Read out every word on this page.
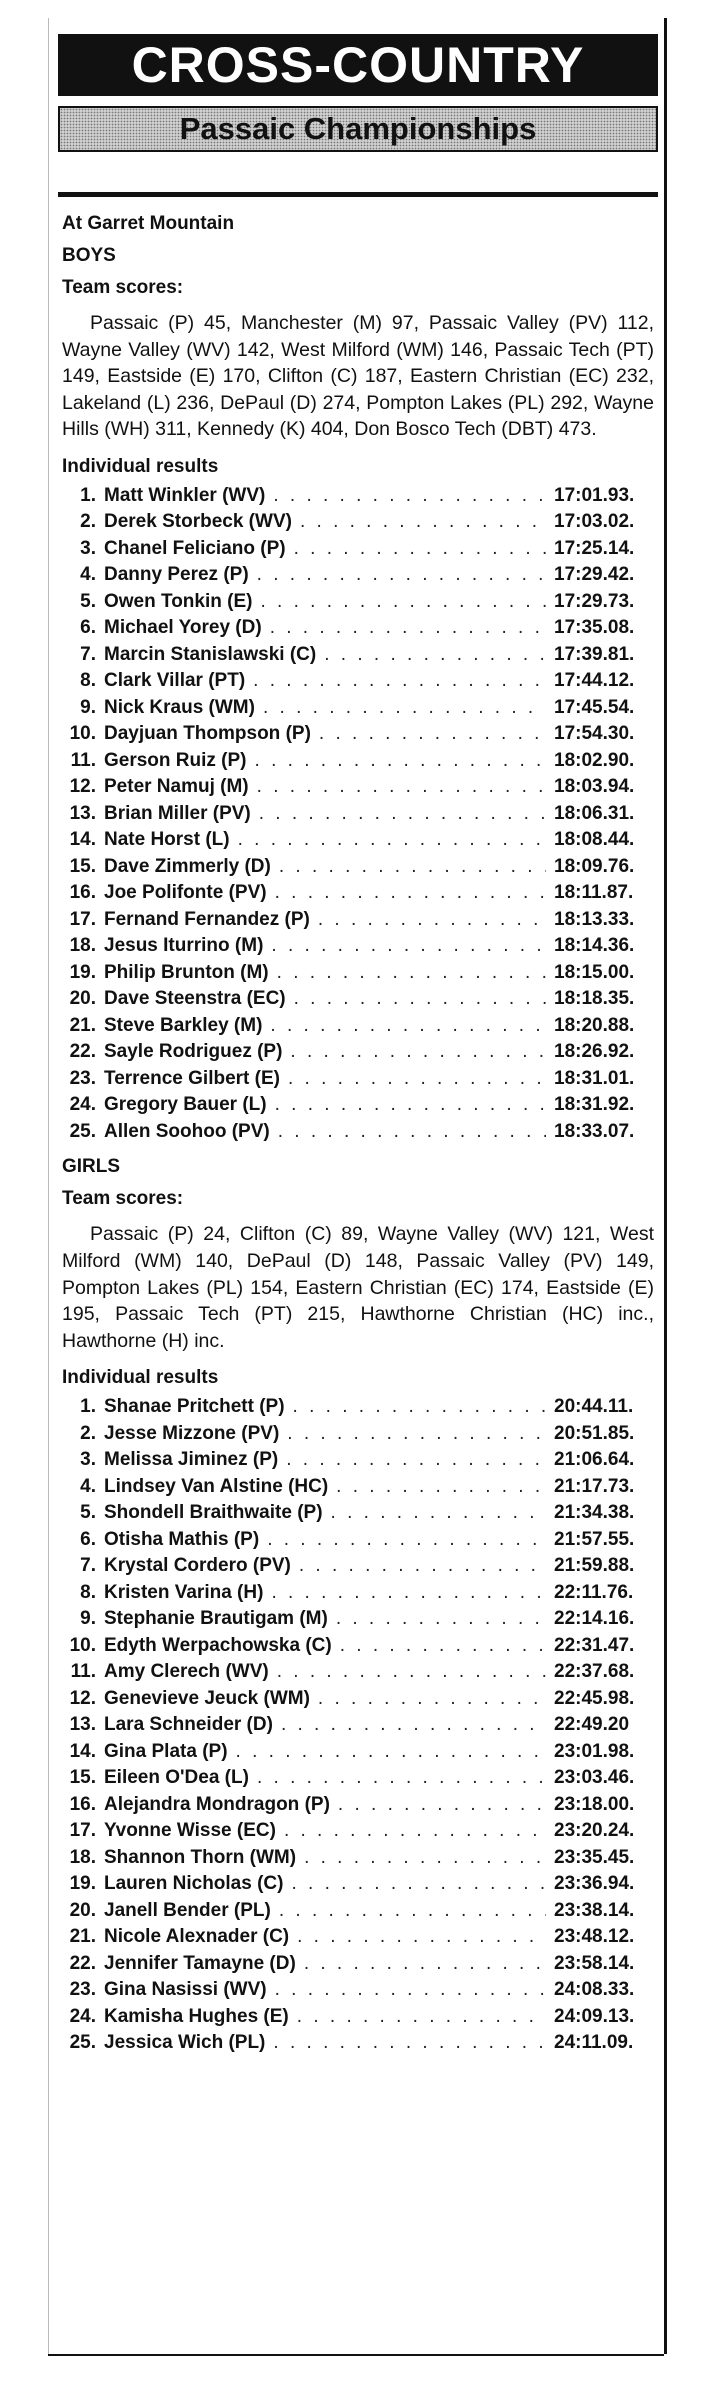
CROSS-COUNTRY
Passaic Championships
At Garret Mountain
BOYS
Team scores:
Passaic (P) 45, Manchester (M) 97, Passaic Valley (PV) 112, Wayne Valley (WV) 142, West Milford (WM) 146, Passaic Tech (PT) 149, Eastside (E) 170, Clifton (C) 187, Eastern Christian (EC) 232, Lakeland (L) 236, DePaul (D) 274, Pompton Lakes (PL) 292, Wayne Hills (WH) 311, Kennedy (K) 404, Don Bosco Tech (DBT) 473.
Individual results
1. Matt Winkler (WV) . . .	17:01.93.
2. Derek Storbeck (WV) . . .	17:03.02.
3. Chanel Feliciano (P) . . .	17:25.14.
4. Danny Perez (P) . . .	17:29.42.
5. Owen Tonkin (E) . . .	17:29.73.
6. Michael Yorey (D) . . .	17:35.08.
7. Marcin Stanislawski (C) . . .	17:39.81.
8. Clark Villar (PT) . . .	17:44.12.
9. Nick Kraus (WM) . . .	17:45.54.
10. Dayjuan Thompson (P) . . .	17:54.30.
11. Gerson Ruiz (P) . . .	18:02.90.
12. Peter Namuj (M) . . .	18:03.94.
13. Brian Miller (PV) . . .	18:06.31.
14. Nate Horst (L) . . .	18:08.44.
15. Dave Zimmerly (D) . . .	18:09.76.
16. Joe Polifonte (PV) . . .	18:11.87.
17. Fernand Fernandez (P) . . .	18:13.33.
18. Jesus Iturrino (M) . . .	18:14.36.
19. Philip Brunton (M) . . .	18:15.00.
20. Dave Steenstra (EC) . . .	18:18.35.
21. Steve Barkley (M) . . .	18:20.88.
22. Sayle Rodriguez (P) . . .	18:26.92.
23. Terrence Gilbert (E) . . .	18:31.01.
24. Gregory Bauer (L) . . .	18:31.92.
25. Allen Soohoo (PV) . . .	18:33.07.
GIRLS
Team scores:
Passaic (P) 24, Clifton (C) 89, Wayne Valley (WV) 121, West Milford (WM) 140, DePaul (D) 148, Passaic Valley (PV) 149, Pompton Lakes (PL) 154, Eastern Christian (EC) 174, Eastside (E) 195, Passaic Tech (PT) 215, Hawthorne Christian (HC) inc., Hawthorne (H) inc.
Individual results
1. Shanae Pritchett (P) . . .	20:44.11.
2. Jesse Mizzone (PV) . . .	20:51.85.
3. Melissa Jiminez (P) . . .	21:06.64.
4. Lindsey Van Alstine (HC) . . .	21:17.73.
5. Shondell Braithwaite (P) . . .	21:34.38.
6. Otisha Mathis (P) . . .	21:57.55.
7. Krystal Cordero (PV) . . .	21:59.88.
8. Kristen Varina (H) . . .	22:11.76.
9. Stephanie Brautigam (M) . . .	22:14.16.
10. Edyth Werpachowska (C) . . .	22:31.47.
11. Amy Clerech (WV) . . .	22:37.68.
12. Genevieve Jeuck (WM) . . .	22:45.98.
13. Lara Schneider (D) . . .	22:49.20
14. Gina Plata (P) . . .	23:01.98.
15. Eileen O'Dea (L) . . .	23:03.46.
16. Alejandra Mondragon (P) . . .	23:18.00.
17. Yvonne Wisse (EC) . . .	23:20.24.
18. Shannon Thorn (WM) . . .	23:35.45.
19. Lauren Nicholas (C) . . .	23:36.94.
20. Janell Bender (PL) . . .	23:38.14.
21. Nicole Alexnader (C) . . .	23:48.12.
22. Jennifer Tamayne (D) . . .	23:58.14.
23. Gina Nasissi (WV) . . .	24:08.33.
24. Kamisha Hughes (E) . . .	24:09.13.
25. Jessica Wich (PL) . . .	24:11.09.
